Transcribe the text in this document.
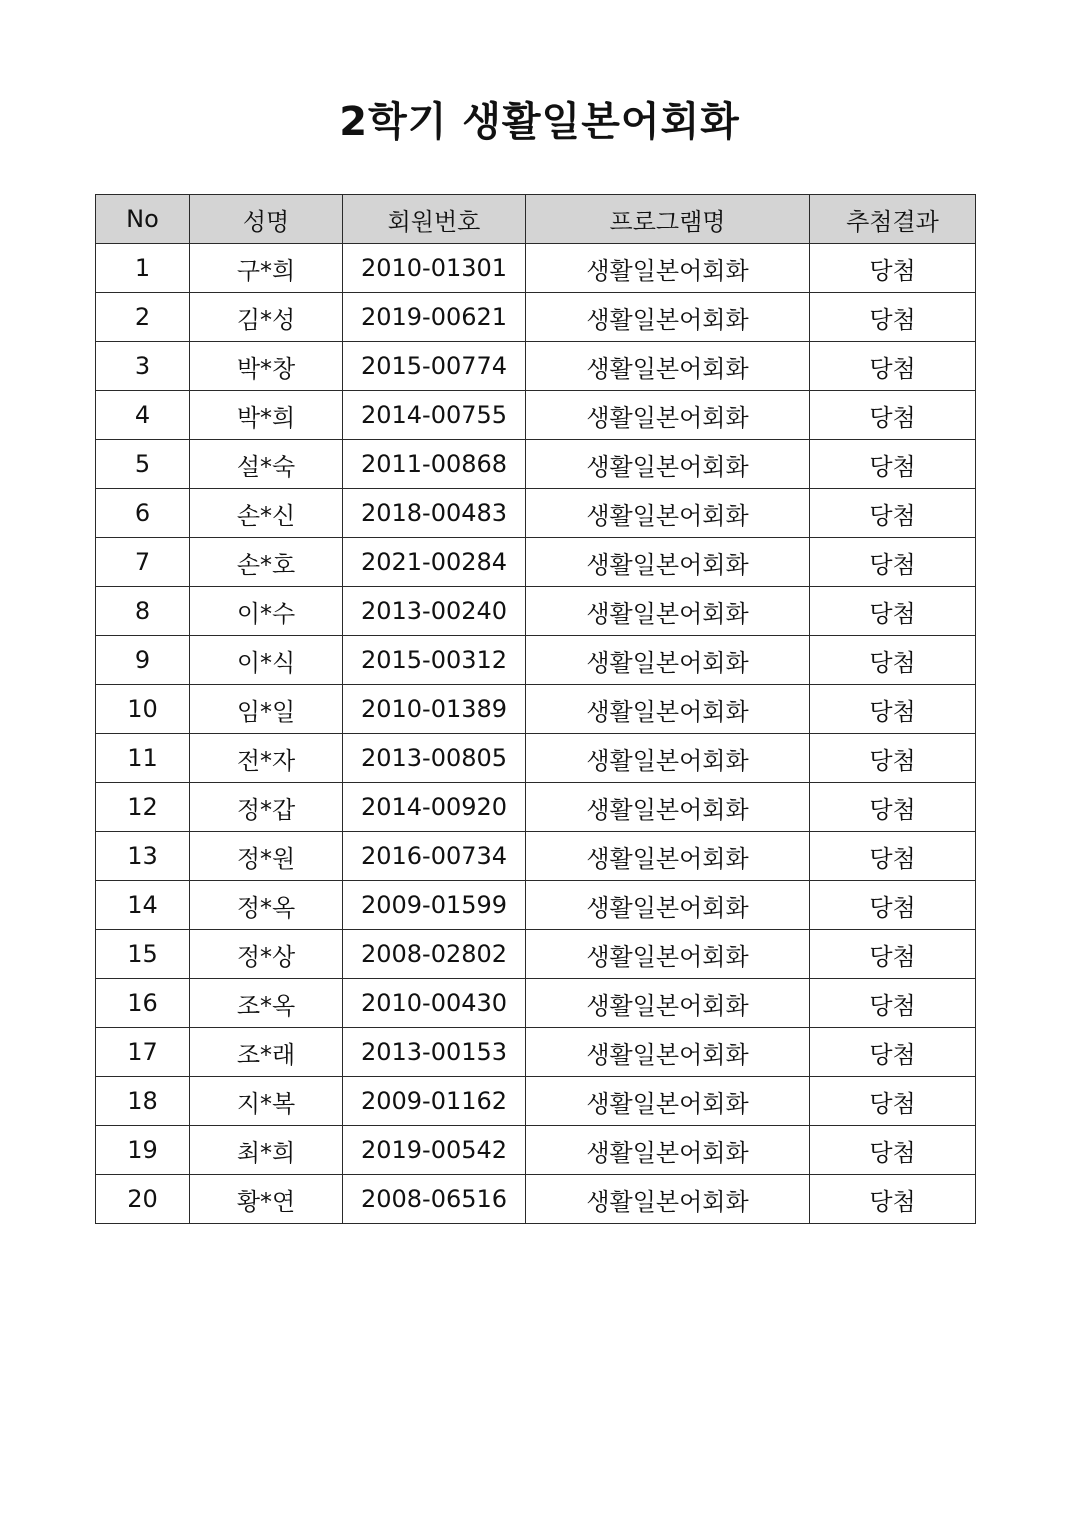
2학기 생활일본어회화
No	성명	회원번호	프로그램명	추첨결과
1	구*희	2010-01301	생활일본어회화	당첨
2	김*성	2019-00621	생활일본어회화	당첨
3	박*창	2015-00774	생활일본어회화	당첨
4	박*희	2014-00755	생활일본어회화	당첨
5	설*숙	2011-00868	생활일본어회화	당첨
6	손*신	2018-00483	생활일본어회화	당첨
7	손*호	2021-00284	생활일본어회화	당첨
8	이*수	2013-00240	생활일본어회화	당첨
9	이*식	2015-00312	생활일본어회화	당첨
10	임*일	2010-01389	생활일본어회화	당첨
11	전*자	2013-00805	생활일본어회화	당첨
12	정*갑	2014-00920	생활일본어회화	당첨
13	정*원	2016-00734	생활일본어회화	당첨
14	정*옥	2009-01599	생활일본어회화	당첨
15	정*상	2008-02802	생활일본어회화	당첨
16	조*옥	2010-00430	생활일본어회화	당첨
17	조*래	2013-00153	생활일본어회화	당첨
18	지*복	2009-01162	생활일본어회화	당첨
19	최*희	2019-00542	생활일본어회화	당첨
20	황*연	2008-06516	생활일본어회화	당첨
